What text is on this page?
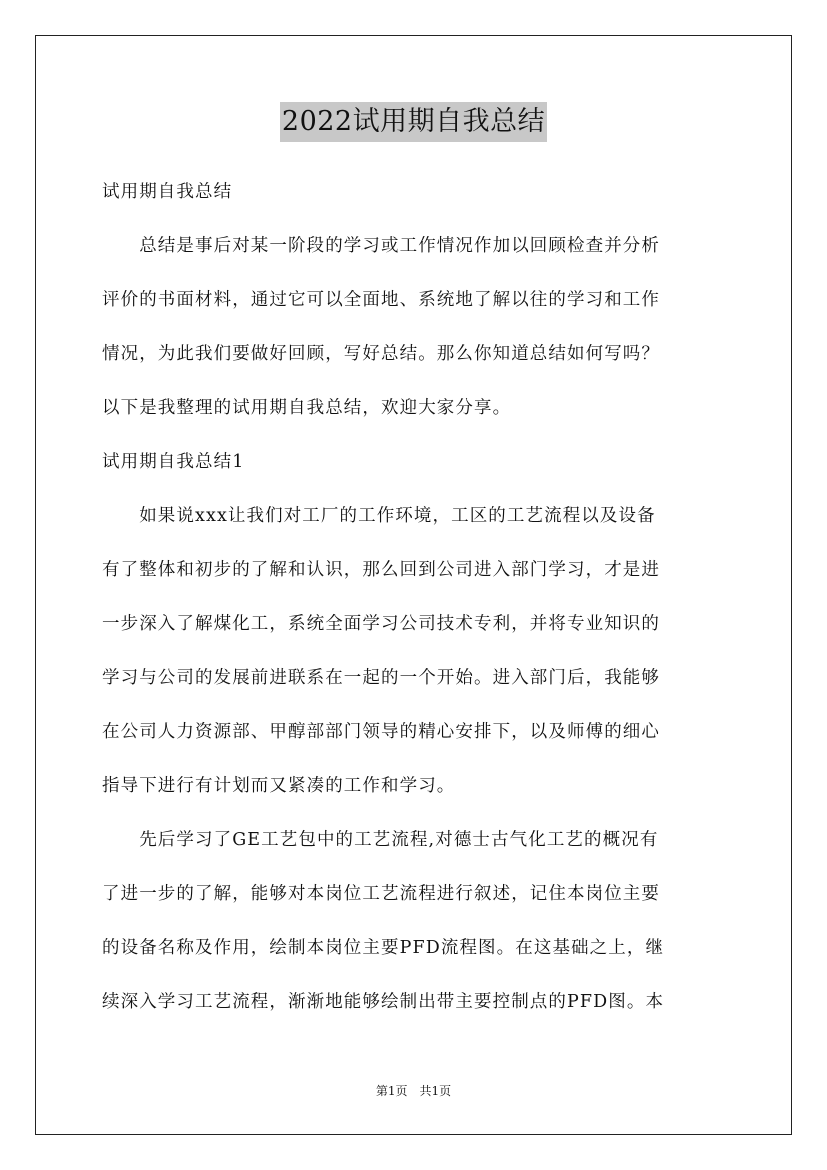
2022试用期自我总结
试用期自我总结
　　总结是事后对某一阶段的学习或工作情况作加以回顾检查并分析
评价的书面材料，通过它可以全面地、系统地了解以往的学习和工作
情况，为此我们要做好回顾，写好总结。那么你知道总结如何写吗？
以下是我整理的试用期自我总结，欢迎大家分享。
试用期自我总结1
　　如果说xxx让我们对工厂的工作环境，工区的工艺流程以及设备
有了整体和初步的了解和认识，那么回到公司进入部门学习，才是进
一步深入了解煤化工，系统全面学习公司技术专利，并将专业知识的
学习与公司的发展前进联系在一起的一个开始。进入部门后，我能够
在公司人力资源部、甲醇部部门领导的精心安排下，以及师傅的细心
指导下进行有计划而又紧凑的工作和学习。
　　先后学习了GE工艺包中的工艺流程,对德士古气化工艺的概况有
了进一步的了解，能够对本岗位工艺流程进行叙述，记住本岗位主要
的设备名称及作用，绘制本岗位主要PFD流程图。在这基础之上，继
续深入学习工艺流程，渐渐地能够绘制出带主要控制点的PFD图。本
第1页　共1页
